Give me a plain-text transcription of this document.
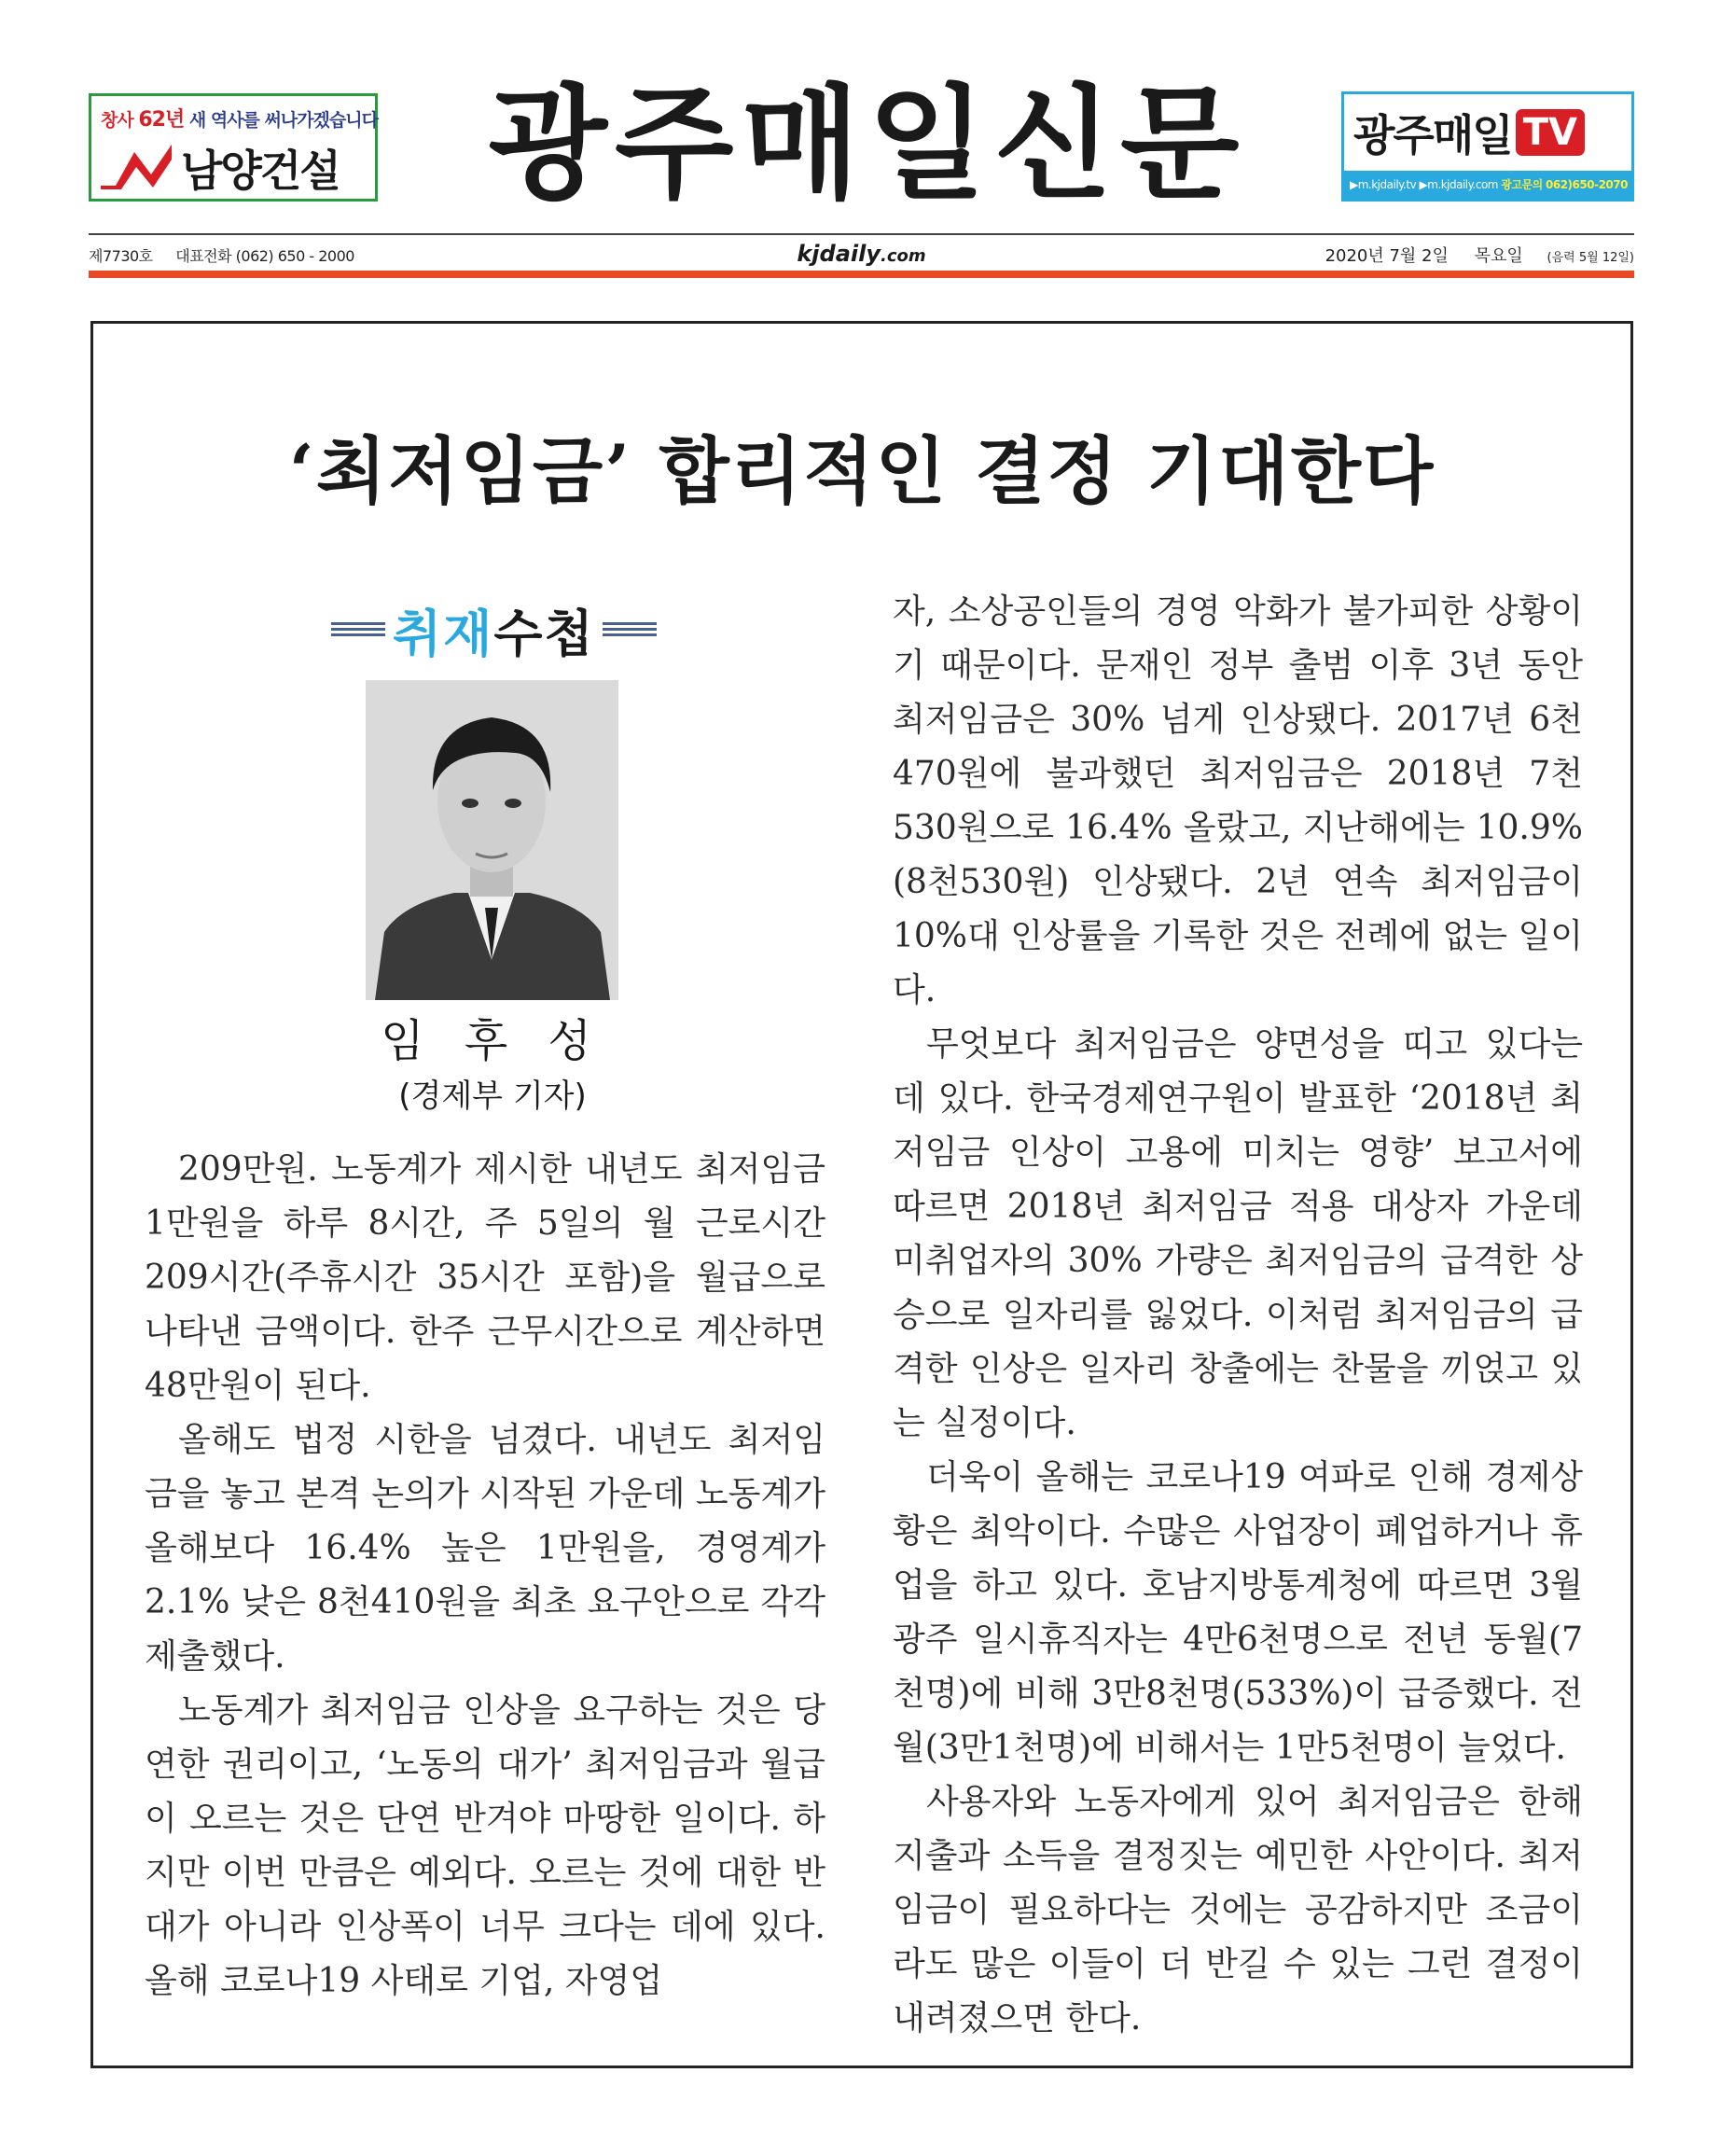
창사 62년 새 역사를 써나가겠습니다
남양건설 광주매일신문	광주매일 TV
▶m.kjdaily.tv ▶m.kjdaily.com 광고문의 062)650-2070
제7730호 대표전화 (062) 650 - 2000	kjdaily.com	2020년 7월 2일 목요일 (음력 5월 12일)
‘최저임금’ 합리적인 결정 기대한다
취재수첩
임 후 성
(경제부 기자)

209만원. 노동계가 제시한 내년도 최저임금 1만원을 하루 8시간, 주 5일의 월 근로시간 209시간(주휴시간 35시간 포함)을 월급으로 나타낸 금액이다. 한주 근무시간으로 계산하면 48만원이 된다.

올해도 법정 시한을 넘겼다. 내년도 최저임금을 놓고 본격 논의가 시작된 가운데 노동계가 올해보다 16.4% 높은 1만원을, 경영계가 2.1% 낮은 8천410원을 최초 요구안으로 각각 제출했다.

노동계가 최저임금 인상을 요구하는 것은 당연한 권리이고, ‘노동의 대가’ 최저임금과 월급이 오르는 것은 단연 반겨야 마땅한 일이다. 하지만 이번 만큼은 예외다. 오르는 것에 대한 반대가 아니라 인상폭이 너무 크다는 데에 있다. 올해 코로나19 사태로 기업, 자영업

자, 소상공인들의 경영 악화가 불가피한 상황이기 때문이다. 문재인 정부 출범 이후 3년 동안 최저임금은 30% 넘게 인상됐다. 2017년 6천470원에 불과했던 최저임금은 2018년 7천530원으로 16.4% 올랐고, 지난해에는 10.9%(8천530원) 인상됐다. 2년 연속 최저임금이 10%대 인상률을 기록한 것은 전례에 없는 일이다.

무엇보다 최저임금은 양면성을 띠고 있다는데 있다. 한국경제연구원이 발표한 ‘2018년 최저임금 인상이 고용에 미치는 영향’ 보고서에 따르면 2018년 최저임금 적용 대상자 가운데 미취업자의 30% 가량은 최저임금의 급격한 상승으로 일자리를 잃었다. 이처럼 최저임금의 급격한 인상은 일자리 창출에는 찬물을 끼얹고 있는 실정이다.

더욱이 올해는 코로나19 여파로 인해 경제상황은 최악이다. 수많은 사업장이 폐업하거나 휴업을 하고 있다. 호남지방통계청에 따르면 3월 광주 일시휴직자는 4만6천명으로 전년 동월(7천명)에 비해 3만8천명(533%)이 급증했다. 전월(3만1천명)에 비해서는 1만5천명이 늘었다.

사용자와 노동자에게 있어 최저임금은 한해 지출과 소득을 결정짓는 예민한 사안이다. 최저임금이 필요하다는 것에는 공감하지만 조금이라도 많은 이들이 더 반길 수 있는 그런 결정이 내려졌으면 한다.
